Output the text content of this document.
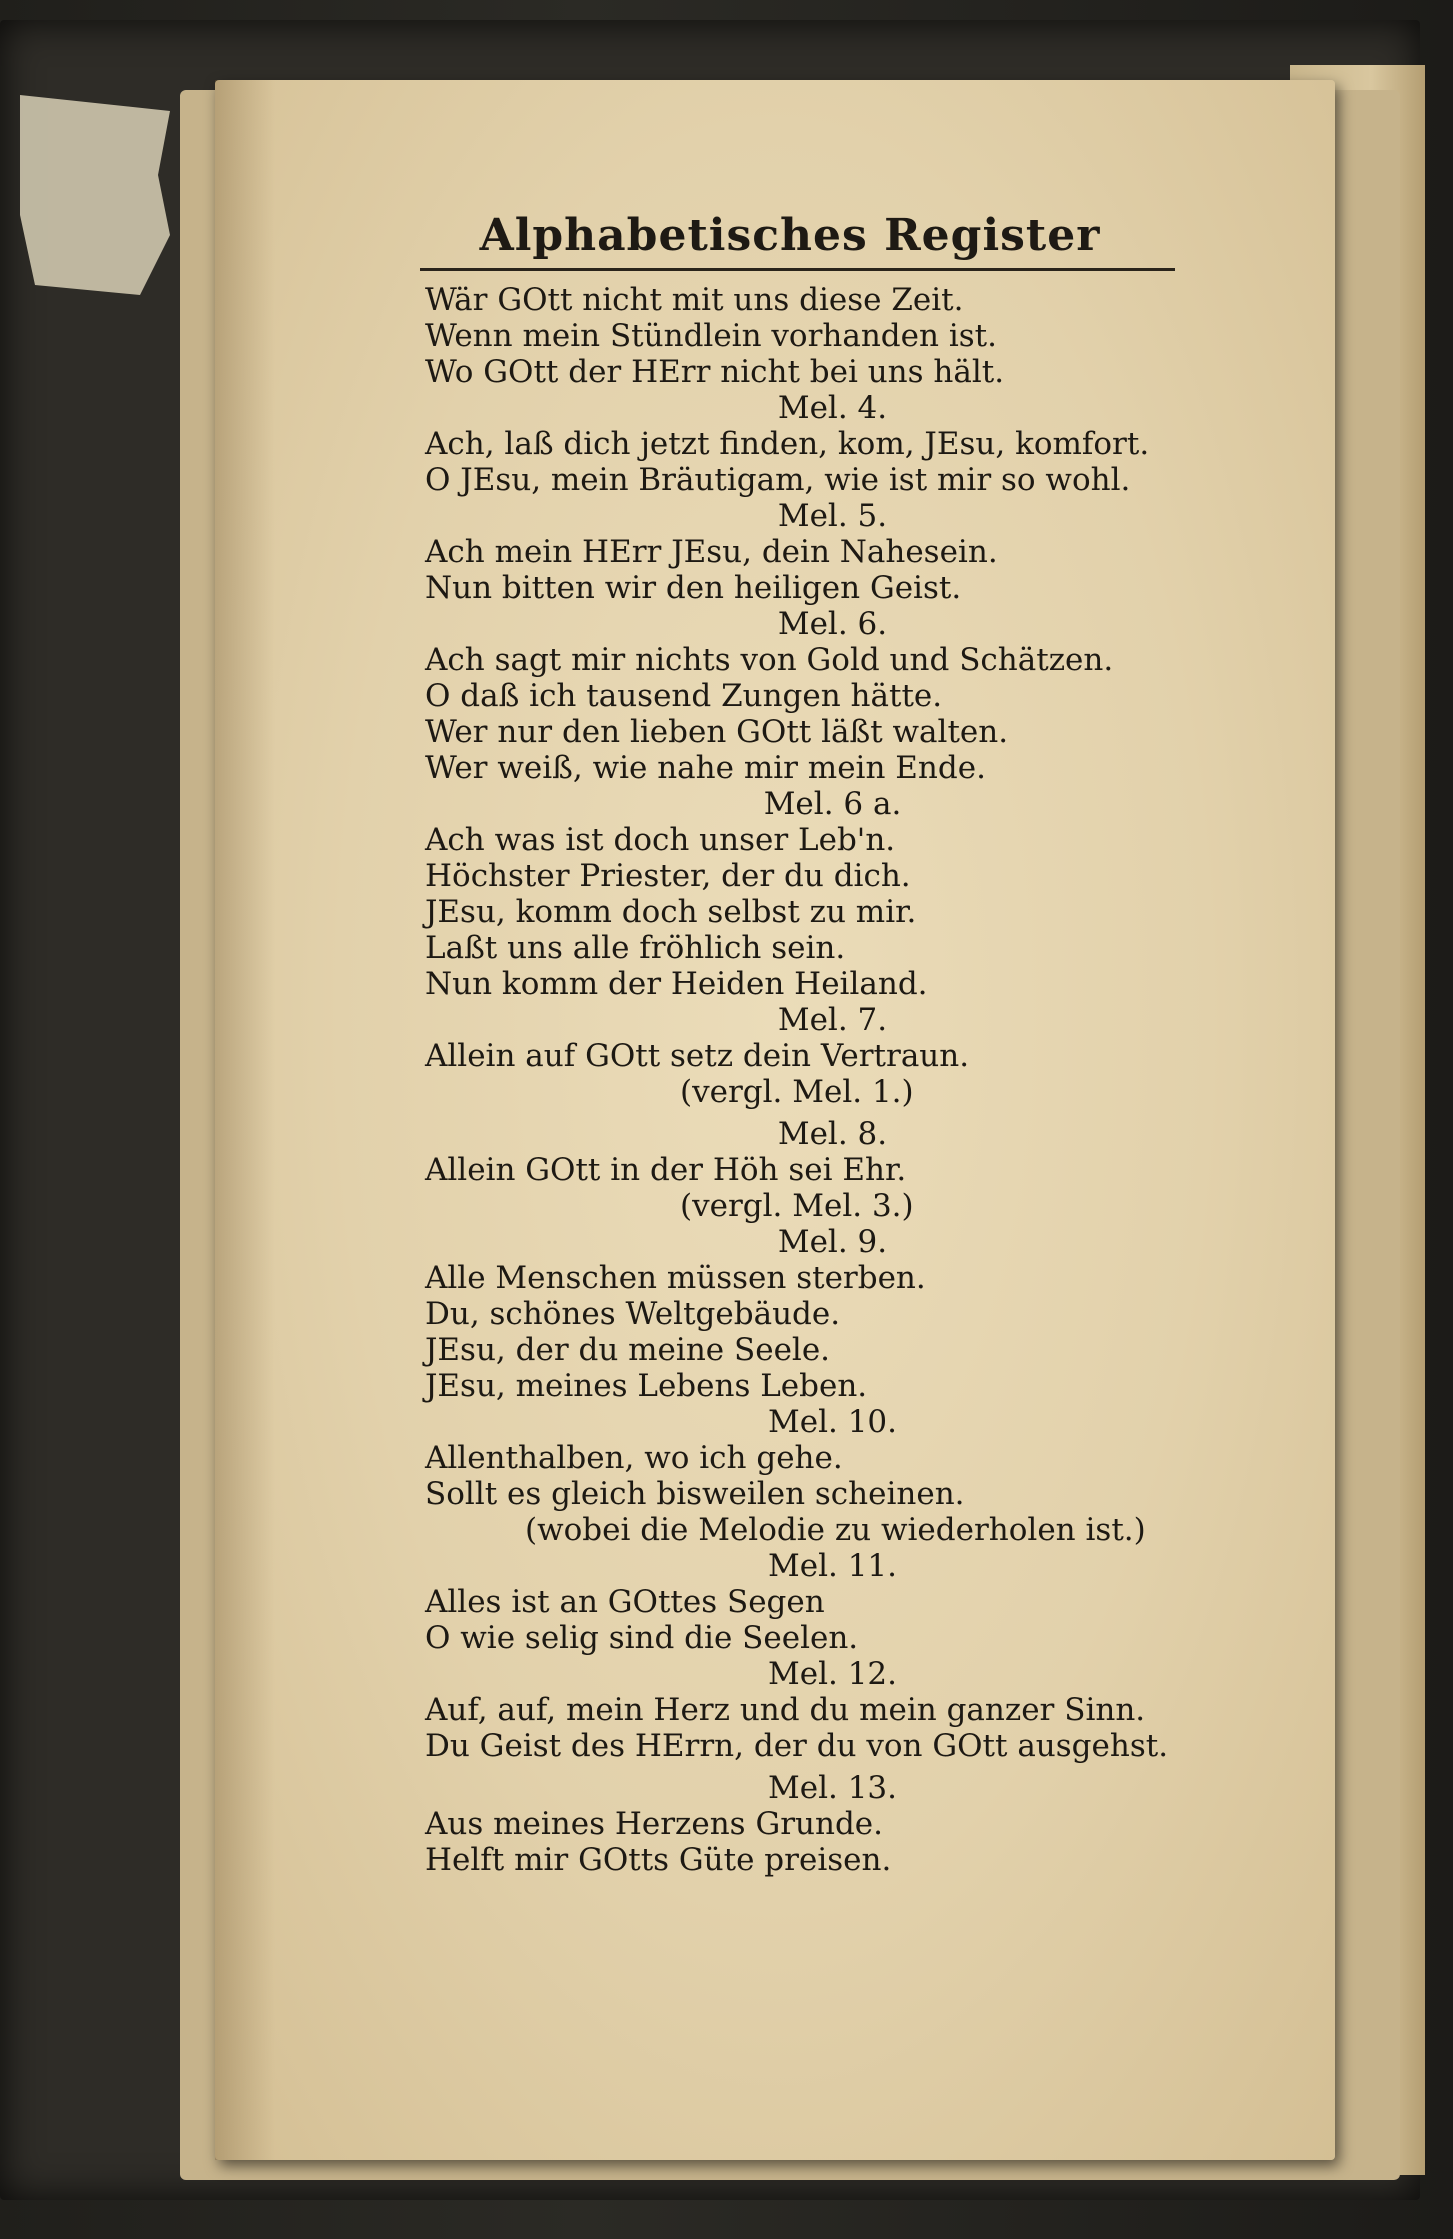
Alphabetisches Register
Wär GOtt nicht mit uns diese Zeit.
Wenn mein Stündlein vorhanden ist.
Wo GOtt der HErr nicht bei uns hält.
Mel. 4.
Ach, laß dich jetzt finden, kom, JEsu, komfort.
O JEsu, mein Bräutigam, wie ist mir so wohl.
Mel. 5.
Ach mein HErr JEsu, dein Nahesein.
Nun bitten wir den heiligen Geist.
Mel. 6.
Ach sagt mir nichts von Gold und Schätzen.
O daß ich tausend Zungen hätte.
Wer nur den lieben GOtt läßt walten.
Wer weiß, wie nahe mir mein Ende.
Mel. 6 a.
Ach was ist doch unser Leb'n.
Höchster Priester, der du dich.
JEsu, komm doch selbst zu mir.
Laßt uns alle fröhlich sein.
Nun komm der Heiden Heiland.
Mel. 7.
Allein auf GOtt setz dein Vertraun.
(vergl. Mel. 1.)
Mel. 8.
Allein GOtt in der Höh sei Ehr.
(vergl. Mel. 3.)
Mel. 9.
Alle Menschen müssen sterben.
Du, schönes Weltgebäude.
JEsu, der du meine Seele.
JEsu, meines Lebens Leben.
Mel. 10.
Allenthalben, wo ich gehe.
Sollt es gleich bisweilen scheinen.
(wobei die Melodie zu wiederholen ist.)
Mel. 11.
Alles ist an GOttes Segen
O wie selig sind die Seelen.
Mel. 12.
Auf, auf, mein Herz und du mein ganzer Sinn.
Du Geist des HErrn, der du von GOtt ausgehst.
Mel. 13.
Aus meines Herzens Grunde.
Helft mir GOtts Güte preisen.
